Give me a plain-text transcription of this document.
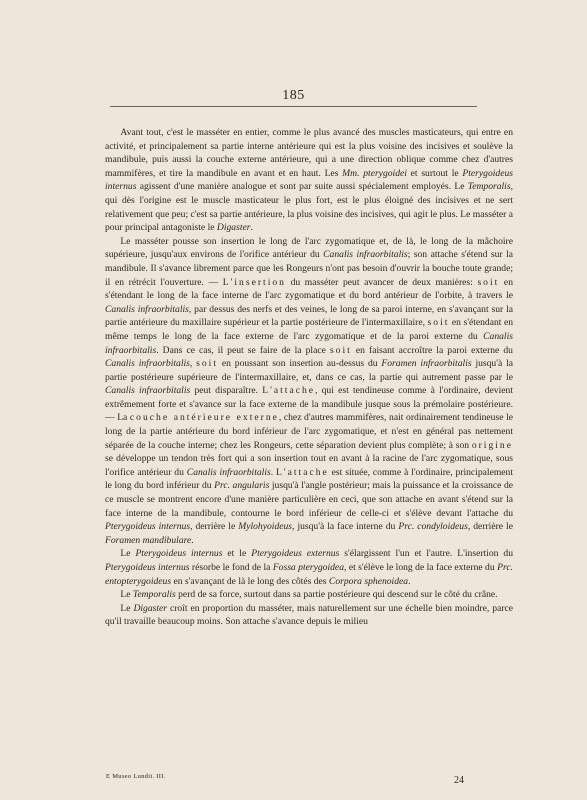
185

Avant tout, c'est le masséter en entier, comme le plus avancé des muscles masticateurs, qui entre en activité, et principalement sa partie interne antérieure qui est la plus voisine des incisives et soulève la mandibule, puis aussi la couche externe antérieure, qui a une direction oblique comme chez d'autres mammifères, et tire la mandibule en avant et en haut. Les Mm. pterygoidei et surtout le Pterygoideus internus agissent d'une manière analogue et sont par suite aussi spécialement employés. Le Temporalis, qui dès l'origine est le muscle masticateur le plus fort, est le plus éloigné des incisives et ne sert relativement que peu; c'est sa partie antérieure, la plus voisine des incisives, qui agit le plus. Le masséter a pour principal antagoniste le Digaster.

Le masséter pousse son insertion le long de l'arc zygomatique et, de là, le long de la mâchoire supérieure, jusqu'aux environs de l'orifice antérieur du Canalis infraorbitalis; son attache s'étend sur la mandibule. Il s'avance librement parce que les Rongeurs n'ont pas besoin d'ouvrir la bouche toute grande; il en rétrécit l'ouverture. — L'insertion du masséter peut avancer de deux manières: soit en s'étendant le long de la face interne de l'arc zygomatique et du bord antérieur de l'orbite, à travers le Canalis infraorbitalis, par dessus des nerfs et des veines, le long de sa paroi interne, en s'avançant sur la partie antérieure du maxillaire supérieur et la partie postérieure de l'intermaxillaire, soit en s'étendant en même temps le long de la face externe de l'arc zygomatique et de la paroi externe du Canalis infraorbitalis. Dans ce cas, il peut se faire de la place soit en faisant accroître la paroi externe du Canalis infraorbitalis, soit en poussant son insertion au-dessus du Foramen infraorbitalis jusqu'à la partie postérieure supérieure de l'intermaxillaire, et, dans ce cas, la partie qui autrement passe par le Canalis infraorbitalis peut disparaître. L'attache, qui est tendineuse comme à l'ordinaire, devient extrêmement forte et s'avance sur la face externe de la mandibule jusque sous la prémolaire postérieure. — La couche antérieure externe, chez d'autres mammifères, nait ordinairement tendineuse le long de la partie antérieure du bord inférieur de l'arc zygomatique, et n'est en général pas nettement séparée de la couche interne; chez les Rongeurs, cette séparation devient plus complète; à son origine se développe un tendon très fort qui a son insertion tout en avant à la racine de l'arc zygomatique, sous l'orifice antérieur du Canalis infraorbitalis. L'attache est située, comme à l'ordinaire, principalement le long du bord inférieur du Prc. angularis jusqu'à l'angle postérieur; mais la puissance et la croissance de ce muscle se montrent encore d'une manière particulière en ceci, que son attache en avant s'étend sur la face interne de la mandibule, contourne le bord inférieur de celle-ci et s'élève devant l'attache du Pterygoideus internus, derrière le Mylohyoideus, jusqu'à la face interne du Prc. condyloideus, derrière le Foramen mandibulare.

Le Pterygoideus internus et le Pterygoideus externus s'élargissent l'un et l'autre. L'insertion du Pterygoideus internus résorbe le fond de la Fossa pterygoidea, et s'élève le long de la face externe du Prc. entopterygoideus en s'avançant de là le long des côtés des Corpora sphenoidea.

Le Temporalis perd de sa force, surtout dans sa partie postérieure qui descend sur le côté du crâne.

Le Digaster croît en proportion du masséter, mais naturellement sur une échelle bien moindre, parce qu'il travaille beaucoup moins. Son attache s'avance depuis le milieu

E Museo Lundii. III.	24
